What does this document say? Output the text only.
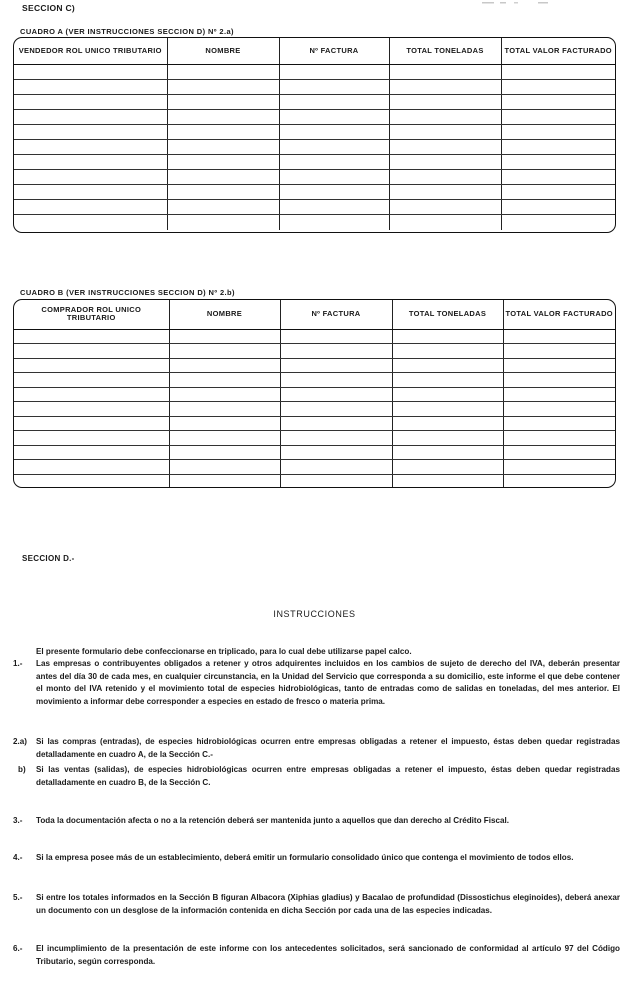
SECCION C)
CUADRO A (VER INSTRUCCIONES SECCION D) Nº 2.a)
VENDEDOR ROL UNICO TRIBUTARIO	NOMBRE	Nº FACTURA	TOTAL TONELADAS	TOTAL VALOR FACTURADO

CUADRO B (VER INSTRUCCIONES SECCION D) Nº 2.b)
COMPRADOR ROL UNICO TRIBUTARIO	NOMBRE	Nº FACTURA	TOTAL TONELADAS	TOTAL VALOR FACTURADO

SECCION D.-
INSTRUCCIONES
El presente formulario debe confeccionarse en triplicado, para lo cual debe utilizarse papel calco.
1.- Las empresas o contribuyentes obligados a retener y otros adquirentes incluidos en los cambios de sujeto de derecho del IVA, deberán presentar antes del día 30 de cada mes, en cualquier circunstancia, en la Unidad del Servicio que corresponda a su domicilio, este informe el que debe contener el monto del IVA retenido y el movimiento total de especies hidrobiológicas, tanto de entradas como de salidas en toneladas, del mes anterior. El movimiento a informar debe corresponder a especies en estado de fresco o materia prima.
2.a) Si las compras (entradas), de especies hidrobiológicas ocurren entre empresas obligadas a retener el impuesto, éstas deben quedar registradas detalladamente en cuadro A, de la Sección C.-
b) Si las ventas (salidas), de especies hidrobiológicas ocurren entre empresas obligadas a retener el impuesto, éstas deben quedar registradas detalladamente en cuadro B, de la Sección C.
3.- Toda la documentación afecta o no a la retención deberá ser mantenida junto a aquellos que dan derecho al Crédito Fiscal.
4.- Si la empresa posee más de un establecimiento, deberá emitir un formulario consolidado único que contenga el movimiento de todos ellos.
5.- Si entre los totales informados en la Sección B figuran Albacora (Xiphias gladius) y Bacalao de profundidad (Dissostichus eleginoides), deberá anexar un documento con un desglose de la información contenida en dicha Sección por cada una de las especies indicadas.
6.- El incumplimiento de la presentación de este informe con los antecedentes solicitados, será sancionado de conformidad al artículo 97 del Código Tributario, según corresponda.
